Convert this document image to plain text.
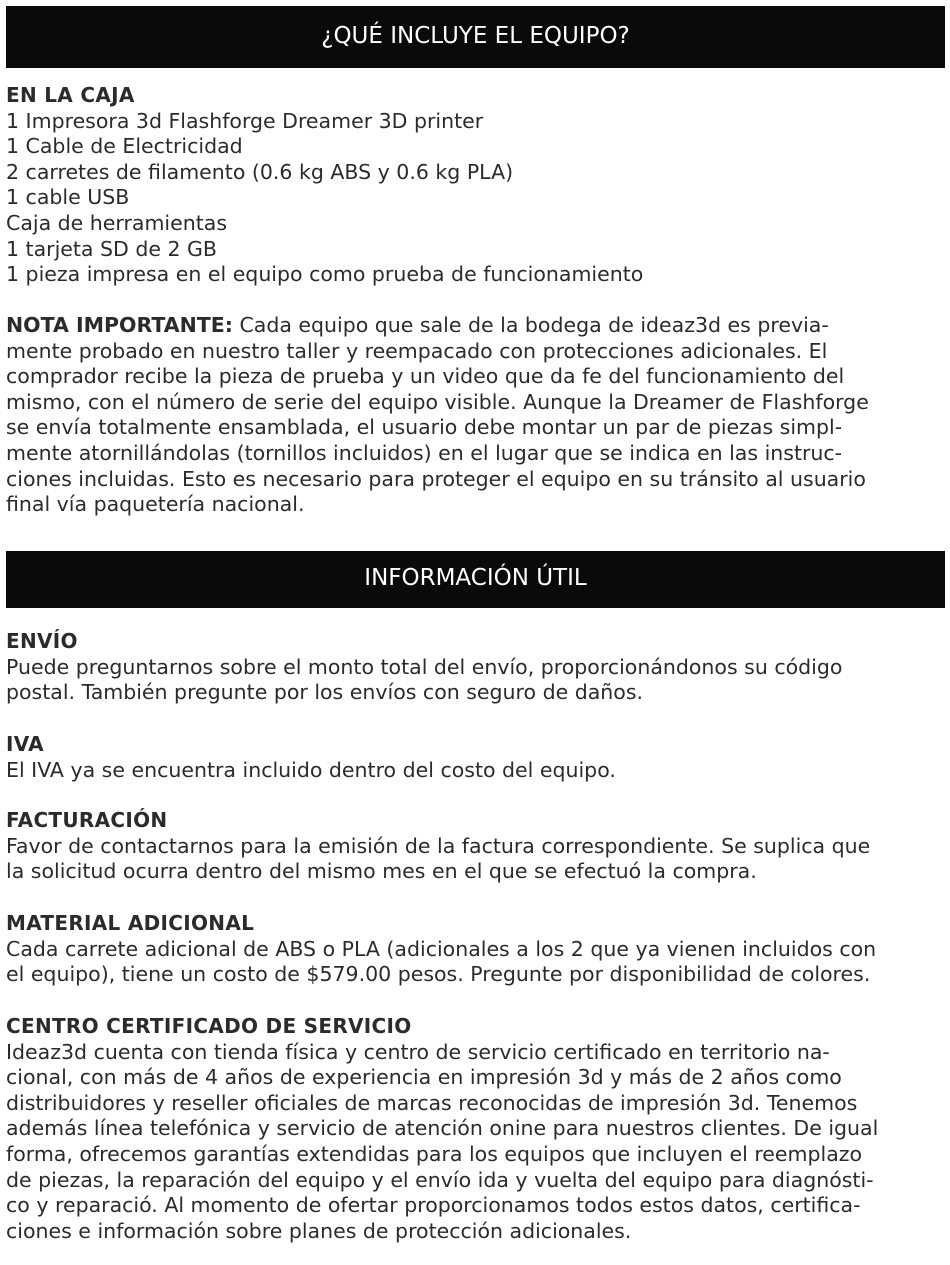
¿QUÉ INCLUYE EL EQUIPO?
EN LA CAJA
1 Impresora 3d Flashforge Dreamer 3D printer
1 Cable de Electricidad
2 carretes de filamento (0.6 kg ABS y 0.6 kg PLA)
1 cable USB
Caja de herramientas
1 tarjeta SD de 2 GB
1 pieza impresa en el equipo como prueba de funcionamiento
NOTA IMPORTANTE: Cada equipo que sale de la bodega de ideaz3d es previa-
mente probado en nuestro taller y reempacado con protecciones adicionales. El
comprador recibe la pieza de prueba y un video que da fe del funcionamiento del
mismo, con el número de serie del equipo visible. Aunque la Dreamer de Flashforge
se envía totalmente ensamblada, el usuario debe montar un par de piezas simpl-
mente atornillándolas (tornillos incluidos) en el lugar que se indica en las instruc-
ciones incluidas. Esto es necesario para proteger el equipo en su tránsito al usuario
final vía paquetería nacional.
INFORMACIÓN ÚTIL
ENVÍO
Puede preguntarnos sobre el monto total del envío, proporcionándonos su código
postal. También pregunte por los envíos con seguro de daños.
IVA
El IVA ya se encuentra incluido dentro del costo del equipo.
FACTURACIÓN
Favor de contactarnos para la emisión de la factura correspondiente. Se suplica que
la solicitud ocurra dentro del mismo mes en el que se efectuó la compra.
MATERIAL ADICIONAL
Cada carrete adicional de ABS o PLA (adicionales a los 2 que ya vienen incluidos con
el equipo), tiene un costo de $579.00 pesos. Pregunte por disponibilidad de colores.
CENTRO CERTIFICADO DE SERVICIO
Ideaz3d cuenta con tienda física y centro de servicio certificado en territorio na-
cional, con más de 4 años de experiencia en impresión 3d y más de 2 años como
distribuidores y reseller oficiales de marcas reconocidas de impresión 3d. Tenemos
además línea telefónica y servicio de atención onine para nuestros clientes. De igual
forma, ofrecemos garantías extendidas para los equipos que incluyen el reemplazo
de piezas, la reparación del equipo y el envío ida y vuelta del equipo para diagnósti-
co y reparació. Al momento de ofertar proporcionamos todos estos datos, certifica-
ciones e información sobre planes de protección adicionales.
